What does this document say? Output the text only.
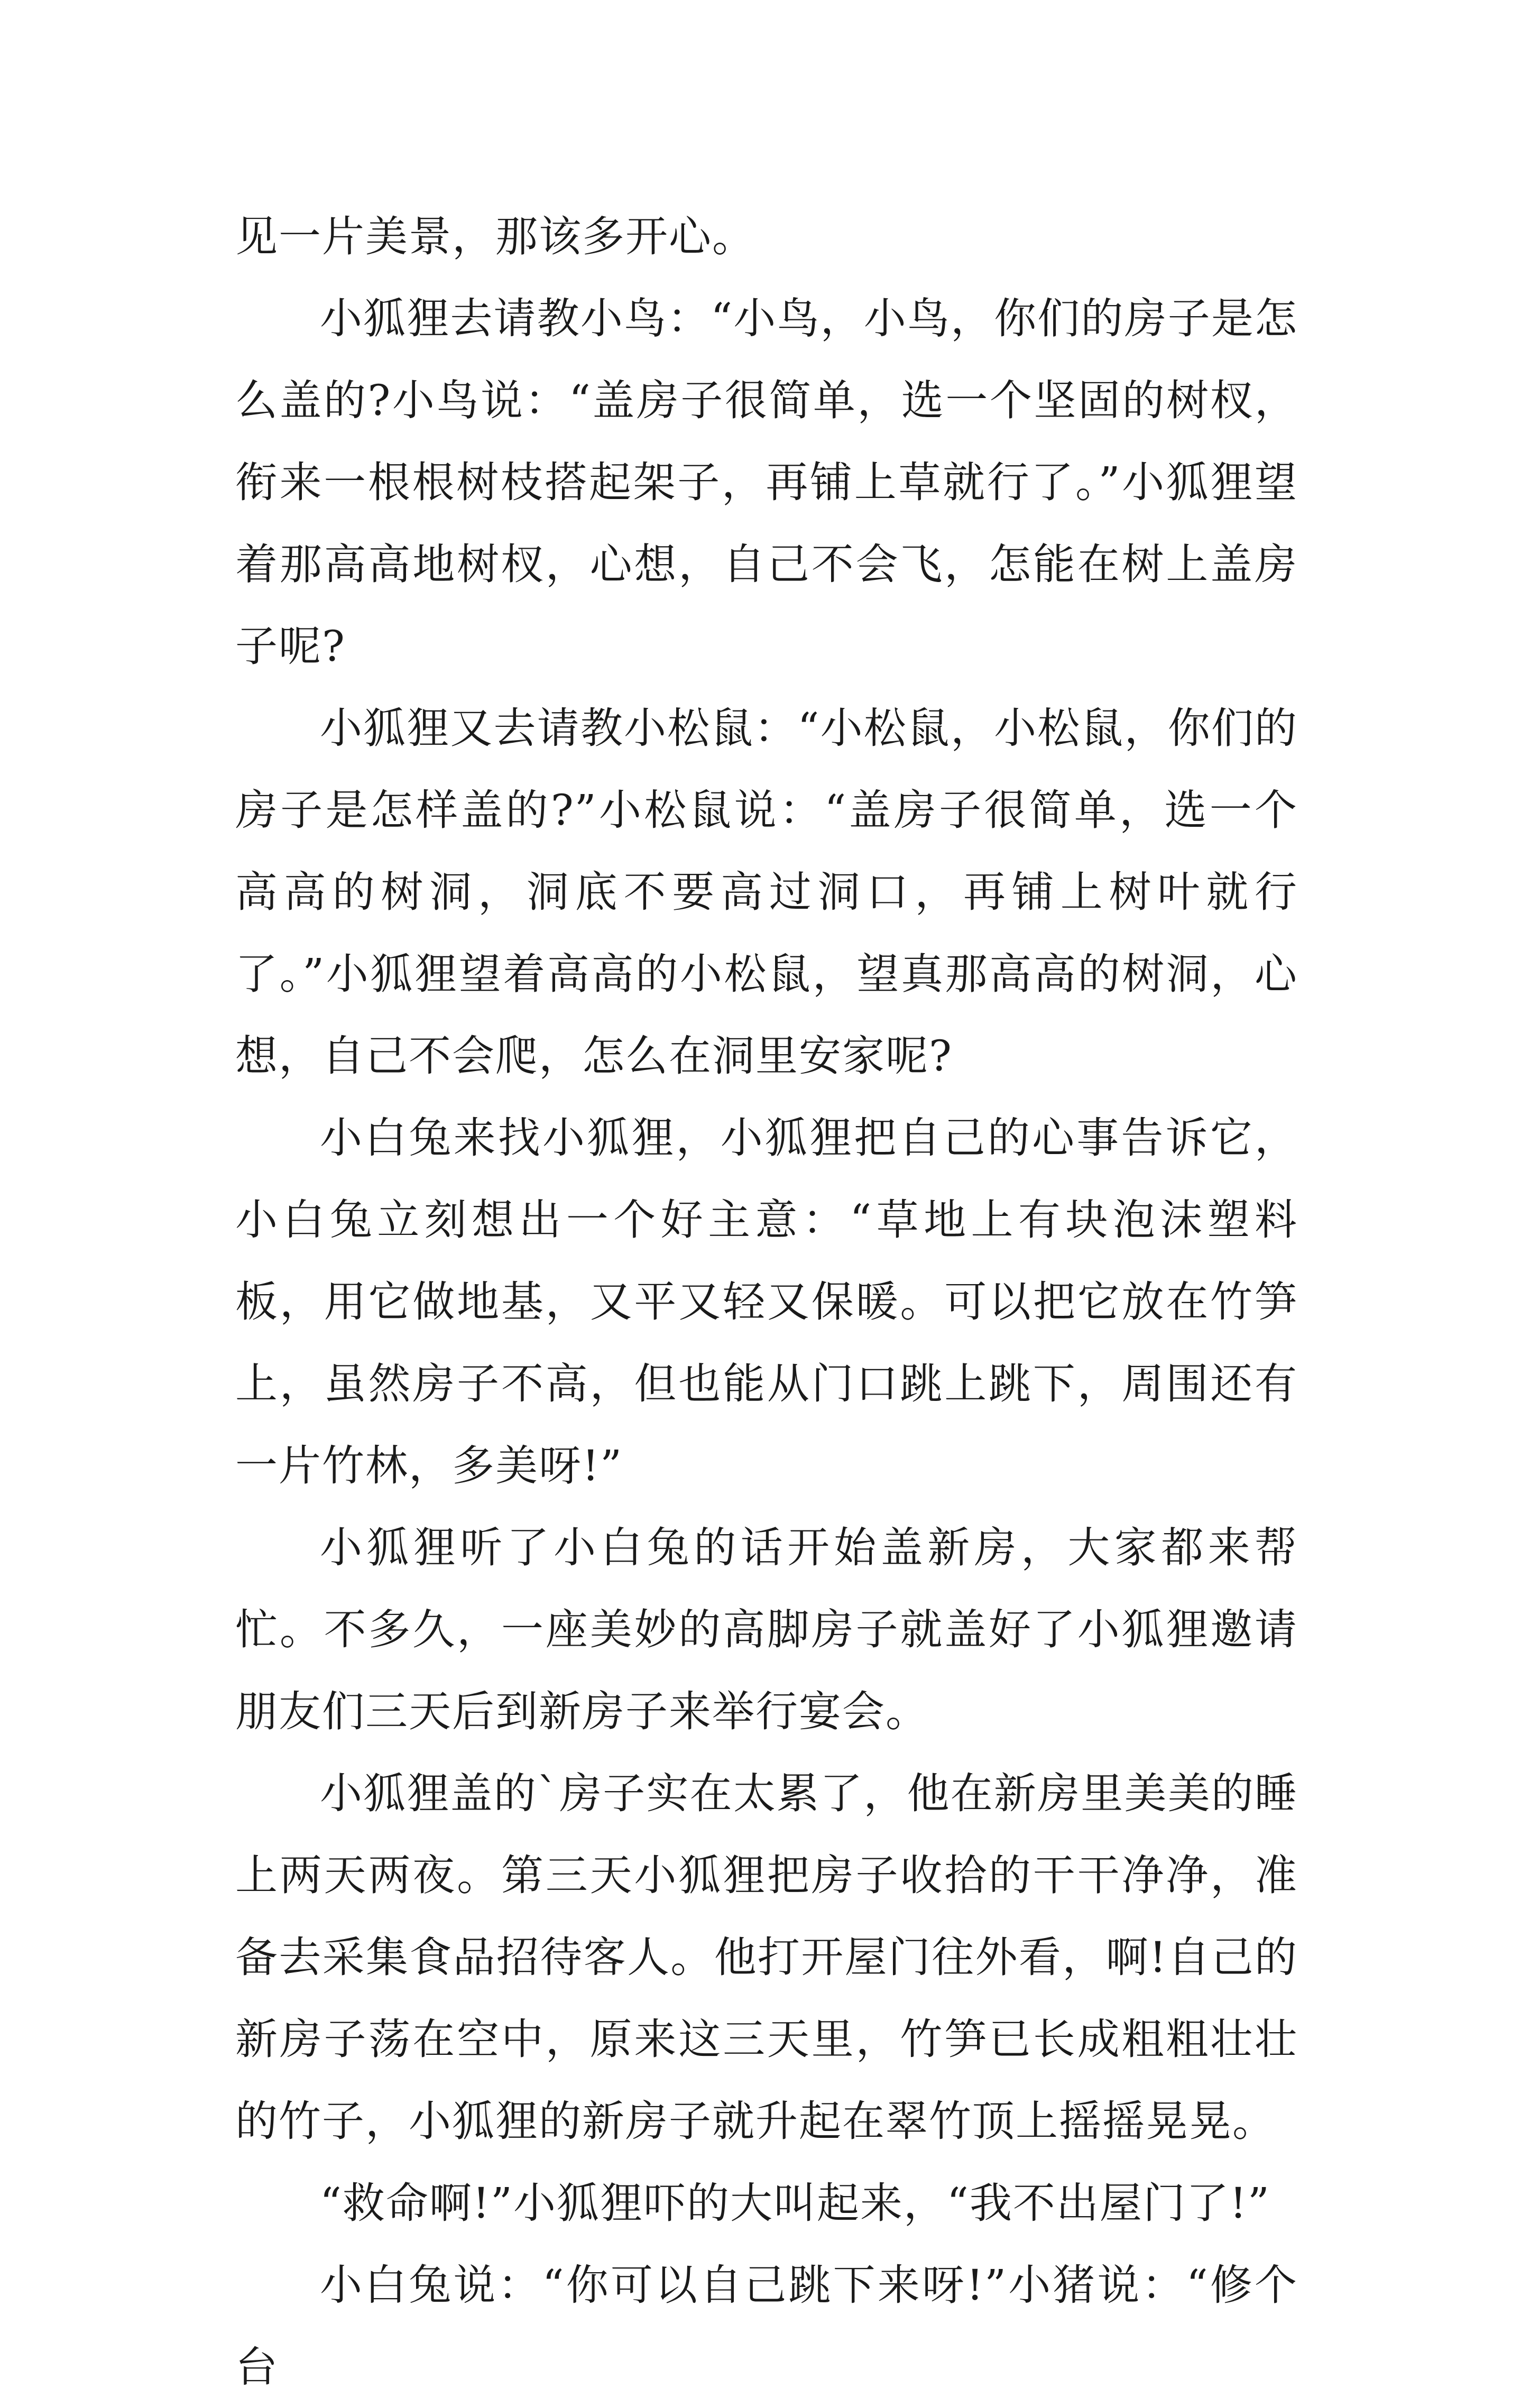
见一片美景，那该多开心。

小狐狸去请教小鸟：“小鸟，小鸟，你们的房子是怎么盖的?小鸟说：“盖房子很简单，选一个坚固的树杈，衔来一根根树枝搭起架子，再铺上草就行了。”小狐狸望着那高高地树杈，心想，自己不会飞，怎能在树上盖房子呢?

小狐狸又去请教小松鼠：“小松鼠，小松鼠，你们的房子是怎样盖的?”小松鼠说：“盖房子很简单，选一个高高的树洞，洞底不要高过洞口，再铺上树叶就行了。”小狐狸望着高高的小松鼠，望真那高高的树洞，心想，自己不会爬，怎么在洞里安家呢?

小白兔来找小狐狸，小狐狸把自己的心事告诉它，小白兔立刻想出一个好主意：“草地上有块泡沫塑料板，用它做地基，又平又轻又保暖。可以把它放在竹笋上，虽然房子不高，但也能从门口跳上跳下，周围还有一片竹林，多美呀!”

小狐狸听了小白兔的话开始盖新房，大家都来帮忙。不多久，一座美妙的高脚房子就盖好了小狐狸邀请朋友们三天后到新房子来举行宴会。

小狐狸盖的`房子实在太累了，他在新房里美美的睡上两天两夜。第三天小狐狸把房子收拾的干干净净，准备去采集食品招待客人。他打开屋门往外看，啊!自己的新房子荡在空中，原来这三天里，竹笋已长成粗粗壮壮的竹子，小狐狸的新房子就升起在翠竹顶上摇摇晃晃。

“救命啊!”小狐狸吓的大叫起来，“我不出屋门了!”

小白兔说：“你可以自己跳下来呀!”小猪说：“修个台
